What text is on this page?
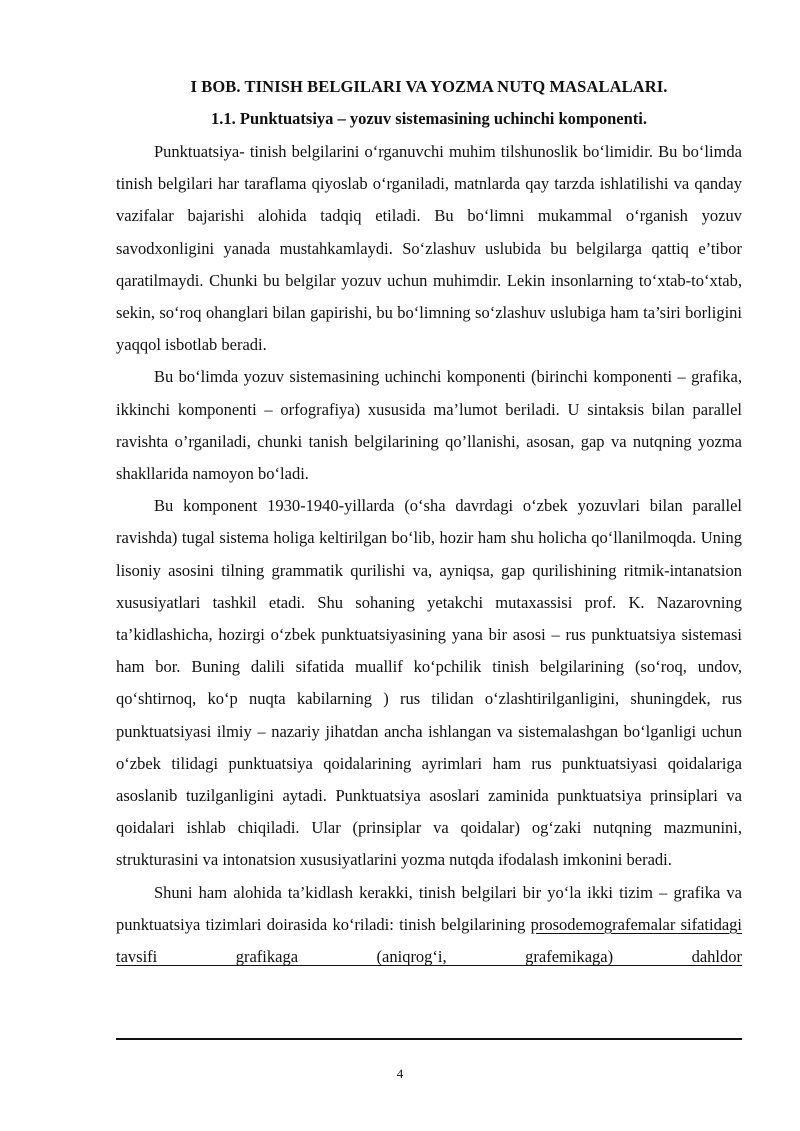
I BOB. TINISH BELGILARI VA YOZMA NUTQ MASALALARI.
1.1. Punktuatsiya – yozuv sistemasining uchinchi komponenti.

Punktuatsiya- tinish belgilarini o‘rganuvchi muhim tilshunoslik bo‘limidir. Bu bo‘limda tinish belgilari har taraflama qiyoslab o‘rganiladi, matnlarda qay tarzda ishlatilishi va qanday vazifalar bajarishi alohida tadqiq etiladi. Bu bo‘limni mukammal o‘rganish yozuv savodxonligini yanada mustahkamlaydi. So‘zlashuv uslubida bu belgilarga qattiq e’tibor qaratilmaydi. Chunki bu belgilar yozuv uchun muhimdir. Lekin insonlarning to‘xtab-to‘xtab, sekin, so‘roq ohanglari bilan gapirishi, bu bo‘limning so‘zlashuv uslubiga ham ta’siri borligini yaqqol isbotlab beradi.

Bu bo‘limda yozuv sistemasining uchinchi komponenti (birinchi komponenti – grafika, ikkinchi komponenti – orfografiya) xususida ma’lumot beriladi. U sintaksis bilan parallel ravishta o’rganiladi, chunki tanish belgilarining qo’llanishi, asosan, gap va nutqning yozma shakllarida namoyon bo‘ladi.

Bu komponent 1930-1940-yillarda (o‘sha davrdagi o‘zbek yozuvlari bilan parallel ravishda) tugal sistema holiga keltirilgan bo‘lib, hozir ham shu holicha qo‘llanilmoqda. Uning lisoniy asosini tilning grammatik qurilishi va, ayniqsa, gap qurilishining ritmik-intanatsion xususiyatlari tashkil etadi. Shu sohaning yetakchi mutaxassisi prof. K. Nazarovning ta’kidlashicha, hozirgi o‘zbek punktuatsiyasining yana bir asosi – rus punktuatsiya sistemasi ham bor. Buning dalili sifatida muallif ko‘pchilik tinish belgilarining (so‘roq, undov, qo‘shtirnoq, ko‘p nuqta kabilarning ) rus tilidan o‘zlashtirilganligini, shuningdek, rus punktuatsiyasi ilmiy – nazariy jihatdan ancha ishlangan va sistemalashgan bo‘lganligi uchun o‘zbek tilidagi punktuatsiya qoidalarining ayrimlari ham rus punktuatsiyasi qoidalariga asoslanib tuzilganligini aytadi. Punktuatsiya asoslari zaminida punktuatsiya prinsiplari va qoidalari ishlab chiqiladi. Ular (prinsiplar va qoidalar) og‘zaki nutqning mazmunini, strukturasini va intonatsion xususiyatlarini yozma nutqda ifodalash imkonini beradi.

Shuni ham alohida ta’kidlash kerakki, tinish belgilari bir yo‘la ikki tizim – grafika va punktuatsiya tizimlari doirasida ko‘riladi: tinish belgilarining prosodemografemalar sifatidagi tavsifi grafikaga (aniqrog‘i, grafemikaga) dahldor

4
